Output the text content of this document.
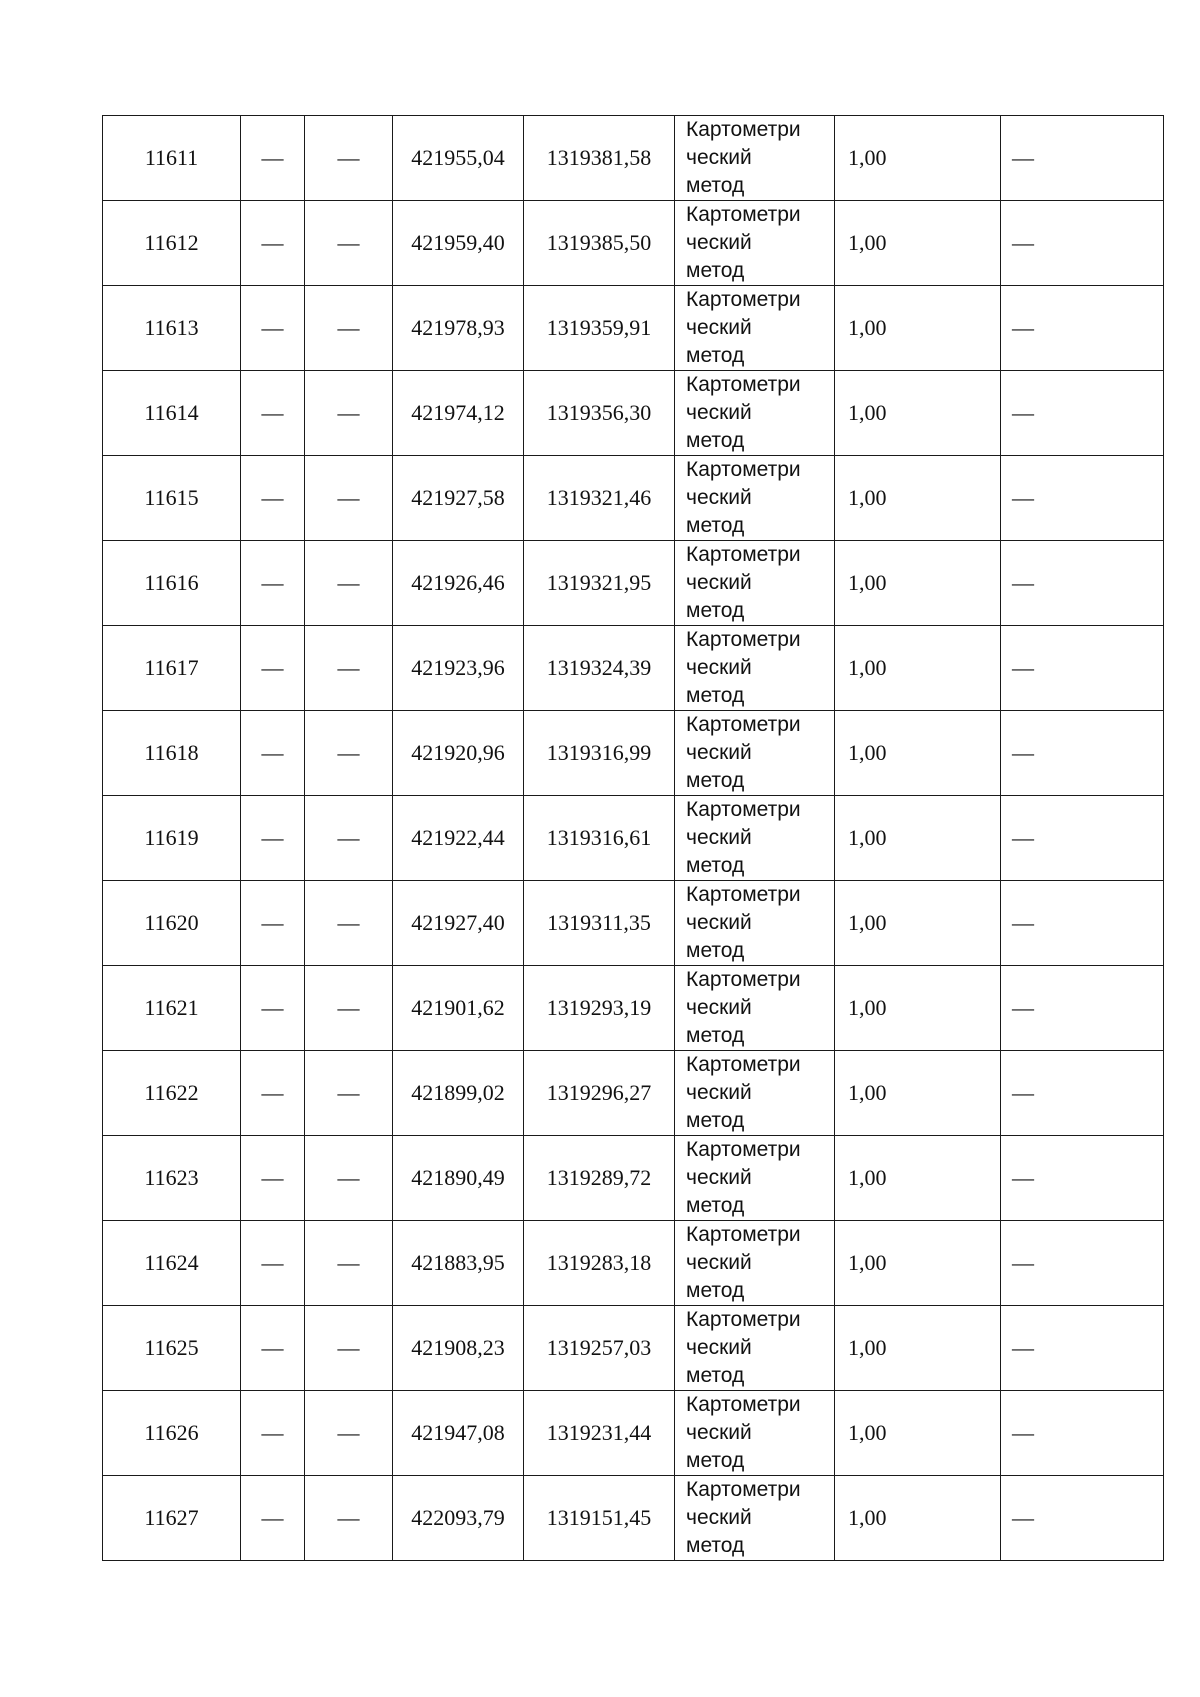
11611	—	—	421955,04	1319381,58	Картометри
ческий
метод	1,00	—
11612	—	—	421959,40	1319385,50	Картометри
ческий
метод	1,00	—
11613	—	—	421978,93	1319359,91	Картометри
ческий
метод	1,00	—
11614	—	—	421974,12	1319356,30	Картометри
ческий
метод	1,00	—
11615	—	—	421927,58	1319321,46	Картометри
ческий
метод	1,00	—
11616	—	—	421926,46	1319321,95	Картометри
ческий
метод	1,00	—
11617	—	—	421923,96	1319324,39	Картометри
ческий
метод	1,00	—
11618	—	—	421920,96	1319316,99	Картометри
ческий
метод	1,00	—
11619	—	—	421922,44	1319316,61	Картометри
ческий
метод	1,00	—
11620	—	—	421927,40	1319311,35	Картометри
ческий
метод	1,00	—
11621	—	—	421901,62	1319293,19	Картометри
ческий
метод	1,00	—
11622	—	—	421899,02	1319296,27	Картометри
ческий
метод	1,00	—
11623	—	—	421890,49	1319289,72	Картометри
ческий
метод	1,00	—
11624	—	—	421883,95	1319283,18	Картометри
ческий
метод	1,00	—
11625	—	—	421908,23	1319257,03	Картометри
ческий
метод	1,00	—
11626	—	—	421947,08	1319231,44	Картометри
ческий
метод	1,00	—
11627	—	—	422093,79	1319151,45	Картометри
ческий
метод	1,00	—
